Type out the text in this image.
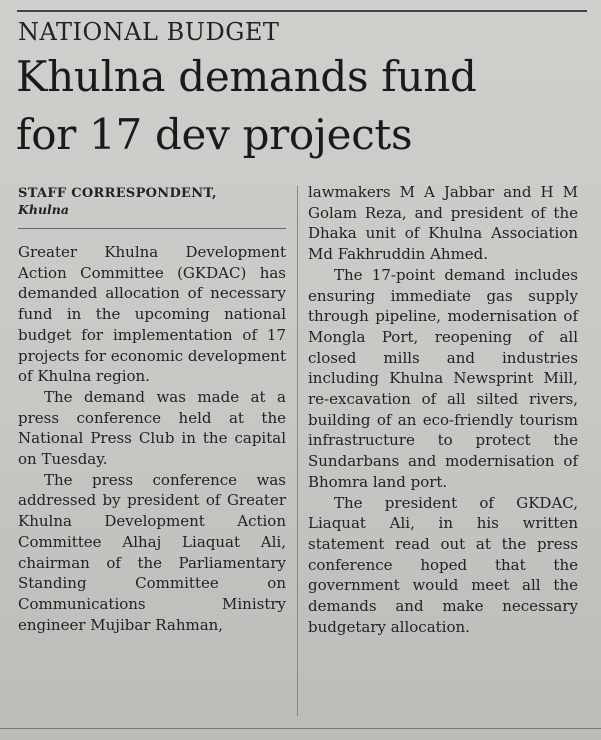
NATIONAL BUDGET
Khulna demands fund
for 17 dev projects
STAFF CORRESPONDENT,
Khulna

Greater Khulna Development Action Committee (GKDAC) has demanded allocation of necessary fund in the upcoming national budget for implementation of 17 projects for economic development of Khulna region.

The demand was made at a press conference held at the National Press Club in the capital on Tuesday.

The press conference was addressed by president of Greater Khulna Development Action Committee Alhaj Liaquat Ali, chairman of the Parliamentary Standing Committee on Communications Ministry engineer Mujibar Rahman,

lawmakers M A Jabbar and H M Golam Reza, and president of the Dhaka unit of Khulna Association Md Fakhruddin Ahmed.

The 17-point demand includes ensuring immediate gas supply through pipeline, modernisation of Mongla Port, reopening of all closed mills and industries including Khulna Newsprint Mill, re-excavation of all silted rivers, building of an eco-friendly tourism infrastructure to protect the Sundarbans and modernisation of Bhomra land port.

The president of GKDAC, Liaquat Ali, in his written statement read out at the press conference hoped that the government would meet all the demands and make necessary budgetary allocation.
